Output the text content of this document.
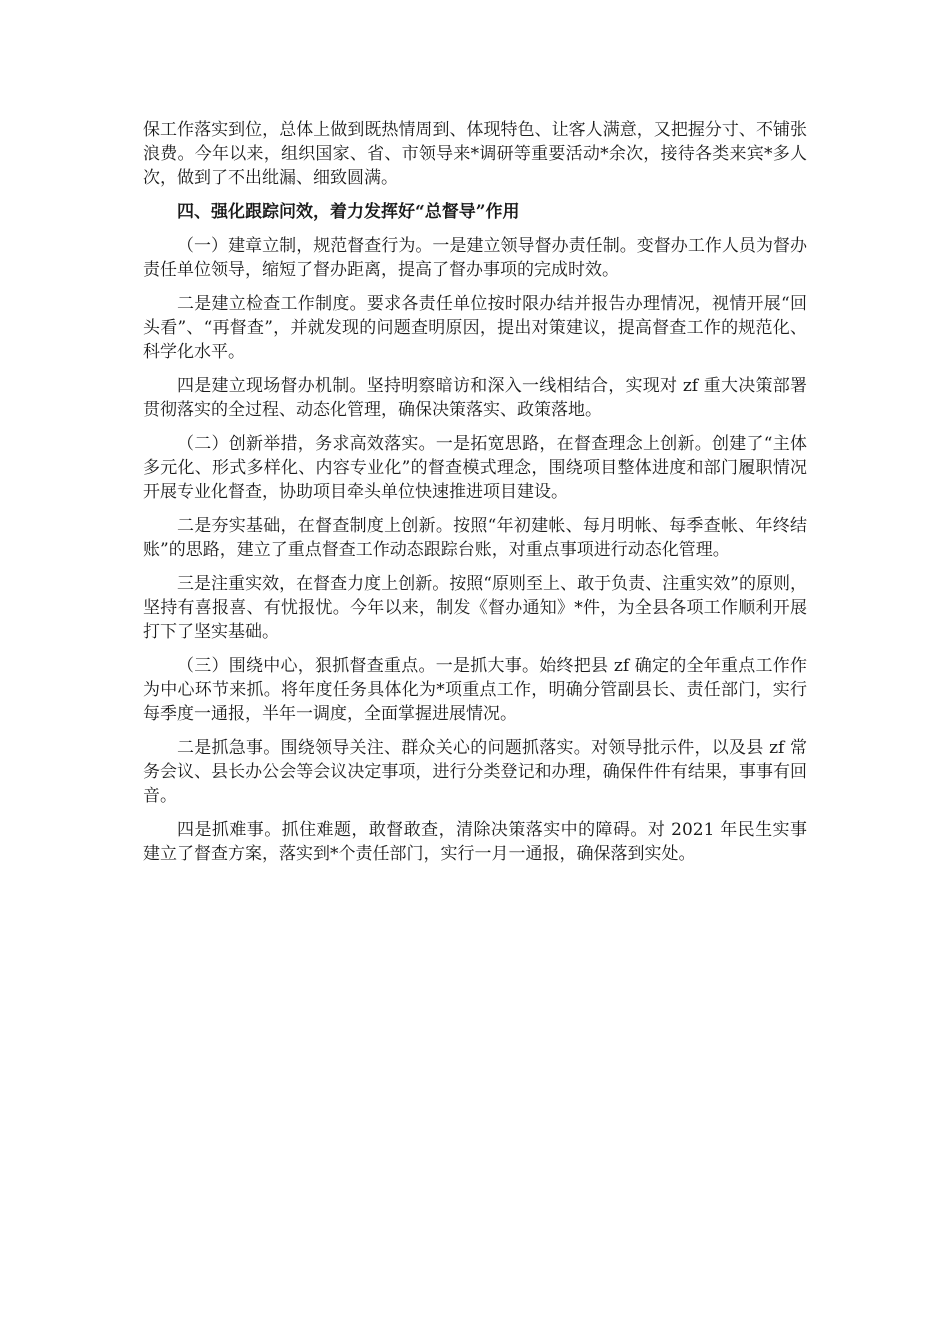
保工作落实到位，总体上做到既热情周到、体现特色、让客人满意，又把握分寸、不铺张浪费。今年以来，组织国家、省、市领导来*调研等重要活动*余次，接待各类来宾*多人次，做到了不出纰漏、细致圆满。

四、强化跟踪问效，着力发挥好“总督导”作用

（一）建章立制，规范督查行为。一是建立领导督办责任制。变督办工作人员为督办责任单位领导，缩短了督办距离，提高了督办事项的完成时效。

二是建立检查工作制度。要求各责任单位按时限办结并报告办理情况，视情开展“回头看”、“再督查”，并就发现的问题查明原因，提出对策建议，提高督查工作的规范化、科学化水平。

四是建立现场督办机制。坚持明察暗访和深入一线相结合，实现对 zf 重大决策部署贯彻落实的全过程、动态化管理，确保决策落实、政策落地。

（二）创新举措，务求高效落实。一是拓宽思路，在督查理念上创新。创建了“主体多元化、形式多样化、内容专业化”的督查模式理念，围绕项目整体进度和部门履职情况开展专业化督查，协助项目牵头单位快速推进项目建设。

二是夯实基础，在督查制度上创新。按照“年初建帐、每月明帐、每季查帐、年终结账”的思路，建立了重点督查工作动态跟踪台账，对重点事项进行动态化管理。

三是注重实效，在督查力度上创新。按照“原则至上、敢于负责、注重实效”的原则，坚持有喜报喜、有忧报忧。今年以来，制发《督办通知》*件，为全县各项工作顺利开展打下了坚实基础。

（三）围绕中心，狠抓督查重点。一是抓大事。始终把县 zf 确定的全年重点工作作为中心环节来抓。将年度任务具体化为*项重点工作，明确分管副县长、责任部门，实行每季度一通报，半年一调度，全面掌握进展情况。

二是抓急事。围绕领导关注、群众关心的问题抓落实。对领导批示件，以及县 zf 常务会议、县长办公会等会议决定事项，进行分类登记和办理，确保件件有结果，事事有回音。

四是抓难事。抓住难题，敢督敢查，清除决策落实中的障碍。对 2021 年民生实事建立了督查方案，落实到*个责任部门，实行一月一通报，确保落到实处。
